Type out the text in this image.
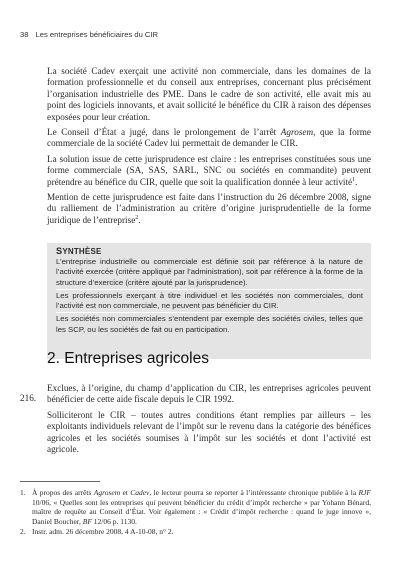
38 Les entreprises bénéficiaires du CIR

La société Cadev exerçait une activité non commerciale, dans les domaines de la formation professionnelle et du conseil aux entreprises, concernant plus précisément l’organisation industrielle des PME. Dans le cadre de son activité, elle avait mis au point des logiciels innovants, et avait sollicité le bénéfice du CIR à raison des dépenses exposées pour leur création.

Le Conseil d’État a jugé, dans le prolongement de l’arrêt Agrosem, que la forme commerciale de la société Cadev lui permettait de demander le CIR.

La solution issue de cette jurisprudence est claire : les entreprises constituées sous une forme commerciale (SA, SAS, SARL, SNC ou sociétés en commandite) peuvent prétendre au bénéfice du CIR, quelle que soit la qualification donnée à leur activité$^1$.

Mention de cette jurisprudence est faite dans l’instruction du 26 décembre 2008, signe du ralliement de l’administration au critère d’origine jurisprudentielle de la forme juridique de l’entreprise$^2$.

SYNTHÈSE

L’entreprise industrielle ou commerciale est définie soit par référence à la nature de l’activité exercée (critère appliqué par l’administration), soit par référence à la forme de la structure d’exercice (critère ajouté par la jurisprudence).

Les professionnels exerçant à titre individuel et les sociétés non commerciales, dont l’activité est non commerciale, ne peuvent pas bénéficier du CIR.

Les sociétés non commerciales s’entendent par exemple des sociétés civiles, telles que les SCP, ou les sociétés de fait ou en participation.

2. Entreprises agricoles
216.

Exclues, à l’origine, du champ d’application du CIR, les entreprises agricoles peuvent bénéficier de cette aide fiscale depuis le CIR 1992.

Solliciteront le CIR – toutes autres conditions étant remplies par ailleurs – les exploitants individuels relevant de l’impôt sur le revenu dans la catégorie des bénéfices agricoles et les sociétés soumises à l’impôt sur les sociétés et dont l’activité est agricole.

1. À propos des arrêts Agrosem et Cadev, le lecteur pourra se reporter à l’intéressante chronique publiée à la RJF 10/06, « Quelles sont les entreprises qui peuvent bénéficier du crédit d’impôt recherche » par Yohann Bénard, maître de requête au Conseil d’État. Voir également : « Crédit d’impôt recherche : quand le juge innove », Daniel Boucher, BF 12/06 p. 1130.

2. Instr. adm. 26 décembre 2008, 4 A-10-08, n° 2.
